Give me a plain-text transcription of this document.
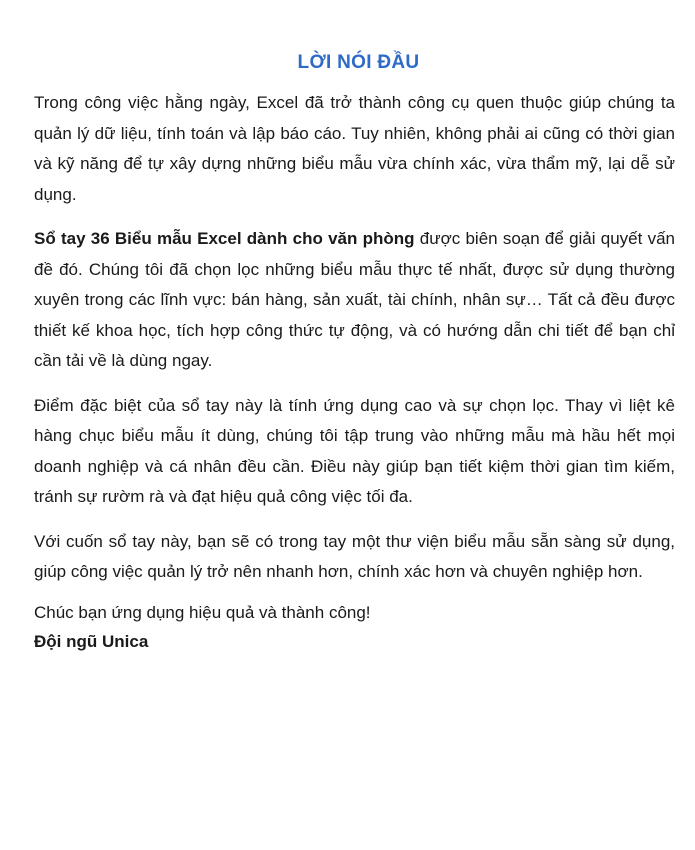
LỜI NÓI ĐẦU

Trong công việc hằng ngày, Excel đã trở thành công cụ quen thuộc giúp chúng ta quản lý dữ liệu, tính toán và lập báo cáo. Tuy nhiên, không phải ai cũng có thời gian và kỹ năng để tự xây dựng những biểu mẫu vừa chính xác, vừa thẩm mỹ, lại dễ sử dụng.

Sổ tay 36 Biểu mẫu Excel dành cho văn phòng được biên soạn để giải quyết vấn đề đó. Chúng tôi đã chọn lọc những biểu mẫu thực tế nhất, được sử dụng thường xuyên trong các lĩnh vực: bán hàng, sản xuất, tài chính, nhân sự… Tất cả đều được thiết kế khoa học, tích hợp công thức tự động, và có hướng dẫn chi tiết để bạn chỉ cần tải về là dùng ngay.

Điểm đặc biệt của sổ tay này là tính ứng dụng cao và sự chọn lọc. Thay vì liệt kê hàng chục biểu mẫu ít dùng, chúng tôi tập trung vào những mẫu mà hầu hết mọi doanh nghiệp và cá nhân đều cần. Điều này giúp bạn tiết kiệm thời gian tìm kiếm, tránh sự rườm rà và đạt hiệu quả công việc tối đa.

Với cuốn sổ tay này, bạn sẽ có trong tay một thư viện biểu mẫu sẵn sàng sử dụng, giúp công việc quản lý trở nên nhanh hơn, chính xác hơn và chuyên nghiệp hơn.

Chúc bạn ứng dụng hiệu quả và thành công!

Đội ngũ Unica
